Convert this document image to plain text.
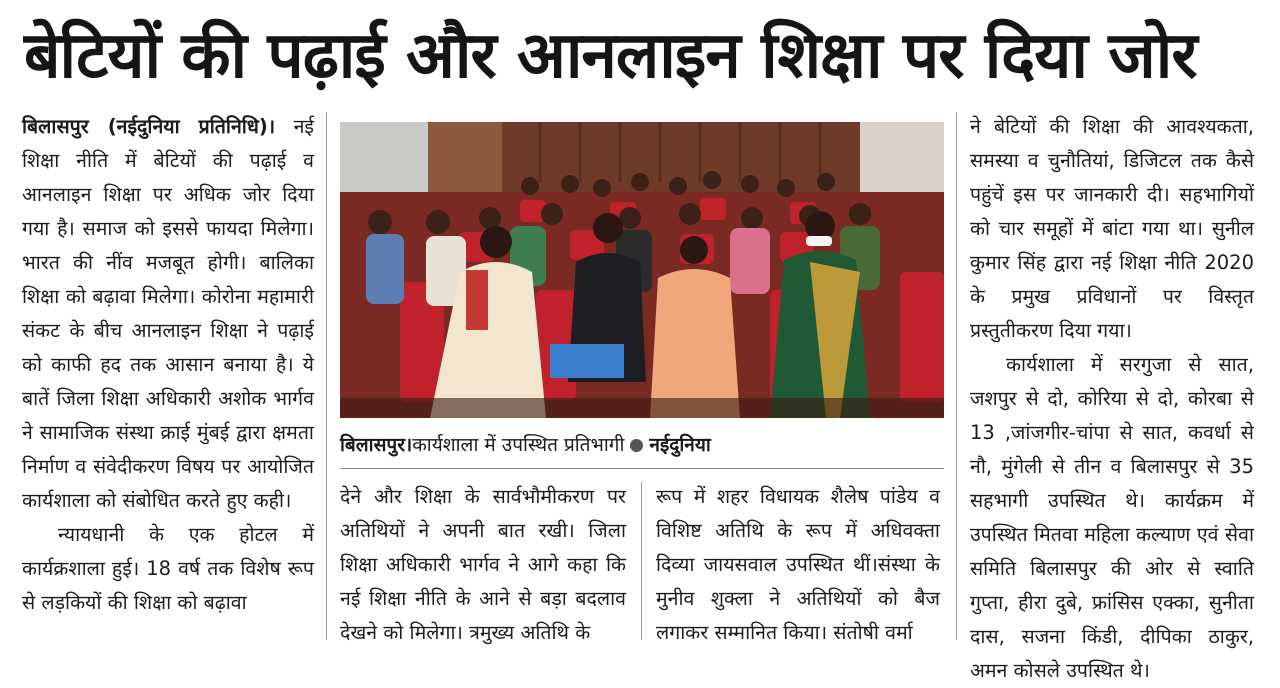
बेटियों की पढ़ाई और आनलाइन शिक्षा पर दिया जोर

बिलासपुर (नईदुनिया प्रतिनिधि)। नई शिक्षा नीति में बेटियों की पढ़ाई व आनलाइन शिक्षा पर अधिक जोर दिया गया है। समाज को इससे फायदा मिलेगा। भारत की नींव मजबूत होगी। बालिका शिक्षा को बढ़ावा मिलेगा। कोरोना महामारी संकट के बीच आनलाइन शिक्षा ने पढ़ाई को काफी हद तक आसान बनाया है। ये बातें जिला शिक्षा अधिकारी अशोक भार्गव ने सामाजिक संस्था क्राई मुंबई द्वारा क्षमता निर्माण व संवेदीकरण विषय पर आयोजित कार्यशाला को संबोधित करते हुए कही।

न्यायधानी के एक होटल में कार्यक्रशाला हुई। 18 वर्ष तक विशेष रूप से लड़कियों की शिक्षा को बढ़ावा

बिलासपुर।कार्यशाला में उपस्थित प्रतिभागी नईदुनिया

देने और शिक्षा के सार्वभौमीकरण पर अतिथियों ने अपनी बात रखी। जिला शिक्षा अधिकारी भार्गव ने आगे कहा कि नई शिक्षा नीति के आने से बड़ा बदलाव देखने को मिलेगा। त्रमुख्य अतिथि के

रूप में शहर विधायक शैलेष पांडेय व विशिष्ट अतिथि के रूप में अधिवक्ता दिव्या जायसवाल उपस्थित थीं।संस्था के मुनीव शुक्ला ने अतिथियों को बैज लगाकर सम्मानित किया। संतोषी वर्मा

ने बेटियों की शिक्षा की आवश्यकता, समस्या व चुनौतियां, डिजिटल तक कैसे पहुंचें इस पर जानकारी दी। सहभागियों को चार समूहों में बांटा गया था। सुनील कुमार सिंह द्वारा नई शिक्षा नीति 2020 के प्रमुख प्रविधानों पर विस्तृत प्रस्तुतीकरण दिया गया।

कार्यशाला में सरगुजा से सात, जशपुर से दो, कोरिया से दो, कोरबा से 13 ,जांजगीर-चांपा से सात, कवर्धा से नौ, मुंगेली से तीन व बिलासपुर से 35 सहभागी उपस्थित थे। कार्यक्रम में उपस्थित मितवा महिला कल्याण एवं सेवा समिति बिलासपुर की ओर से स्वाति गुप्ता, हीरा दुबे, फ्रांसिस एक्का, सुनीता दास, सजना किंडी, दीपिका ठाकुर, अमन कोसले उपस्थित थे।
